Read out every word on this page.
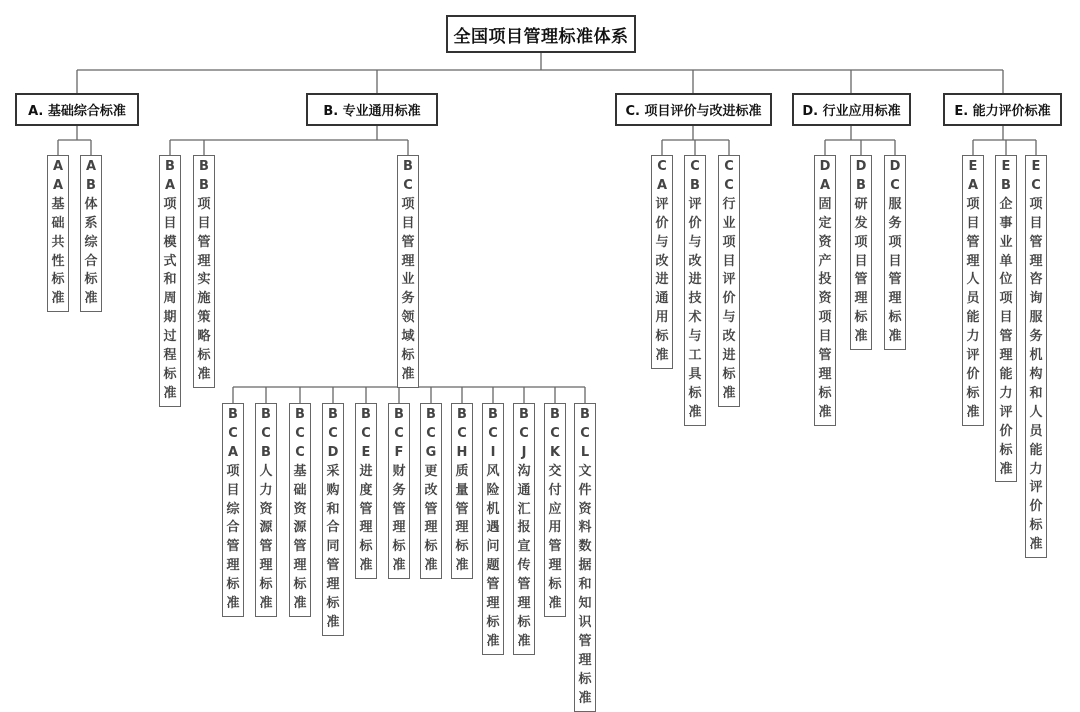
全国项目管理标准体系
A. 基础综合标准	B. 专业通用标准	C. 项目评价与改进标准	D. 行业应用标准	E. 能力评价标准
A
A
基
础
共
性
标
准
A
B
体
系
综
合
标
准
B
A
项
目
模
式
和
周
期
过
程
标
准
B
B
项
目
管
理
实
施
策
略
标
准
B
C
项
目
管
理
业
务
领
域
标
准
B
C
A
项
目
综
合
管
理
标
准
B
C
B
人
力
资
源
管
理
标
准
B
C
C
基
础
资
源
管
理
标
准
B
C
D
采
购
和
合
同
管
理
标
准
B
C
E
进
度
管
理
标
准
B
C
F
财
务
管
理
标
准
B
C
G
更
改
管
理
标
准
B
C
H
质
量
管
理
标
准
B
C
I
风
险
机
遇
问
题
管
理
标
准
B
C
J
沟
通
汇
报
宣
传
管
理
标
准
B
C
K
交
付
应
用
管
理
标
准
B
C
L
文
件
资
料
数
据
和
知
识
管
理
标
准
C
A
评
价
与
改
进
通
用
标
准
C
B
评
价
与
改
进
技
术
与
工
具
标
准
C
C
行
业
项
目
评
价
与
改
进
标
准
D
A
固
定
资
产
投
资
项
目
管
理
标
准
D
B
研
发
项
目
管
理
标
准
D
C
服
务
项
目
管
理
标
准
E
A
项
目
管
理
人
员
能
力
评
价
标
准
E
B
企
事
业
单
位
项
目
管
理
能
力
评
价
标
准
E
C
项
目
管
理
咨
询
服
务
机
构
和
人
员
能
力
评
价
标
准
